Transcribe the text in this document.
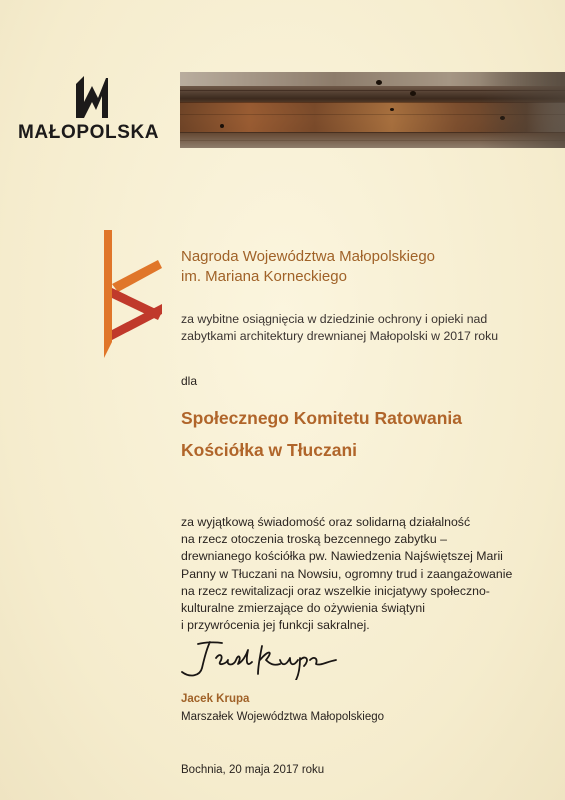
MAŁOPOLSKA
Nagroda Województwa Małopolskiego
im. Mariana Korneckiego
za wybitne osiągnięcia w dziedzinie ochrony i opieki nad
zabytkami architektury drewnianej Małopolski w 2017 roku
dla
Społecznego Komitetu Ratowania
Kościółka w Tłuczani
za wyjątkową świadomość oraz solidarną działalność
na rzecz otoczenia troską bezcennego zabytku –
drewnianego kościółka pw. Nawiedzenia Najświętszej Marii
Panny w Tłuczani na Nowsiu, ogromny trud i zaangażowanie
na rzecz rewitalizacji oraz wszelkie inicjatywy społeczno-
kulturalne zmierzające do ożywienia świątyni
i przywrócenia jej funkcji sakralnej.
Jacek Krupa
Marszałek Województwa Małopolskiego
Bochnia, 20 maja 2017 roku
